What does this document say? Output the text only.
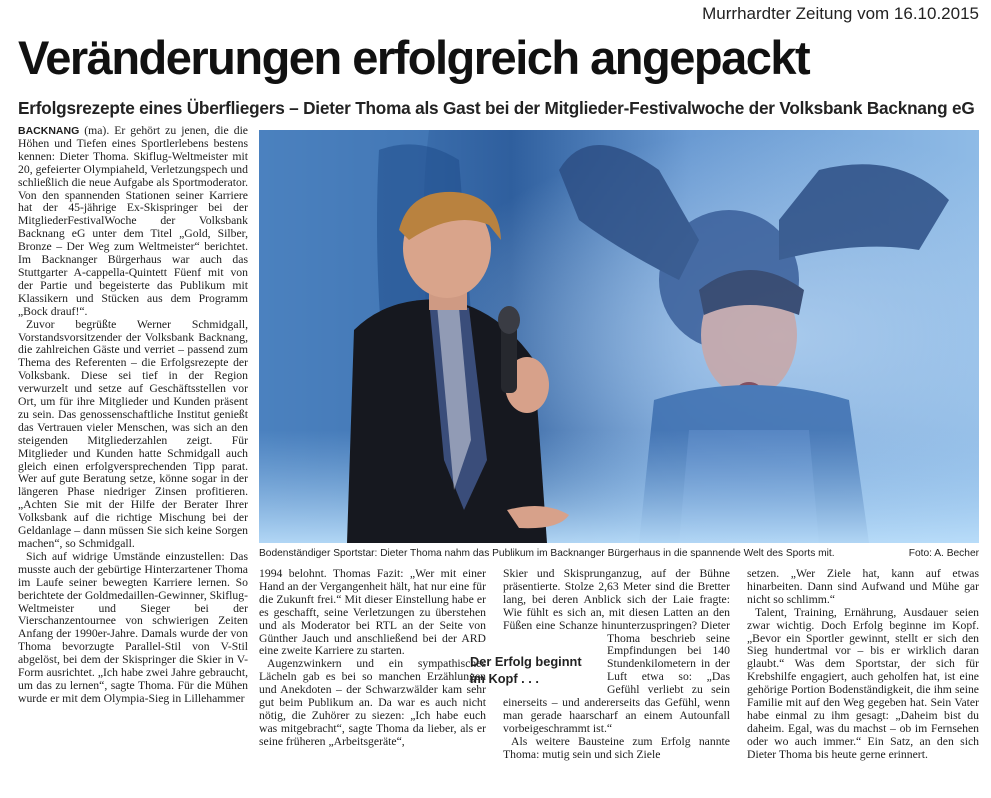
Murrhardter Zeitung vom 16.10.2015
Veränderungen erfolgreich angepackt
Erfolgsrezepte eines Überfliegers – Dieter Thoma als Gast bei der Mitglieder-Festivalwoche der Volksbank Backnang eG

BACKNANG (ma). Er gehört zu jenen, die die Höhen und Tiefen eines Sportlerlebens bestens kennen: Dieter Thoma. Skiflug-Weltmeister mit 20, gefeierter Olympiaheld, Verletzungspech und schließlich die neue Aufgabe als Sportmoderator. Von den spannenden Stationen seiner Karriere hat der 45-jährige Ex-Skispringer bei der MitgliederFestivalWoche der Volksbank Backnang eG unter dem Titel „Gold, Silber, Bronze – Der Weg zum Weltmeister“ berichtet. Im Backnanger Bürgerhaus war auch das Stuttgarter A-cappella-Quintett Füenf mit von der Partie und begeisterte das Publikum mit Klassikern und Stücken aus dem Programm „Bock drauf!“.

Zuvor begrüßte Werner Schmidgall, Vorstandsvorsitzender der Volksbank Backnang, die zahlreichen Gäste und verriet – passend zum Thema des Referenten – die Erfolgsrezepte der Volksbank. Diese sei tief in der Region verwurzelt und setze auf Geschäftsstellen vor Ort, um für ihre Mitglieder und Kunden präsent zu sein. Das genossenschaftliche Institut genießt das Vertrauen vieler Menschen, was sich an den steigenden Mitgliederzahlen zeigt. Für Mitglieder und Kunden hatte Schmidgall auch gleich einen erfolgversprechenden Tipp parat. Wer auf gute Beratung setze, könne sogar in der längeren Phase niedriger Zinsen profitieren. „Achten Sie mit der Hilfe der Berater Ihrer Volksbank auf die richtige Mischung bei der Geldanlage – dann müssen Sie sich keine Sorgen machen“, so Schmidgall.

Sich auf widrige Umstände einzustellen: Das musste auch der gebürtige Hinterzartener Thoma im Laufe seiner bewegten Karriere lernen. So berichtete der Goldmedaillen-Gewinner, Skiflug-Weltmeister und Sieger bei der Vierschanzentournee von schwierigen Zeiten Anfang der 1990er-Jahre. Damals wurde der von Thoma bevorzugte Parallel-Stil von V-Stil abgelöst, bei dem der Skispringer die Skier in V-Form ausrichtet. „Ich habe zwei Jahre gebraucht, um das zu lernen“, sagte Thoma. Für die Mühen wurde er mit dem Olympia-Sieg in Lillehammer

Bodenständiger Sportstar: Dieter Thoma nahm das Publikum im Backnanger Bürgerhaus in die spannende Welt des Sports mit.	Foto: A. Becher

1994 belohnt. Thomas Fazit: „Wer mit einer Hand an der Vergangenheit hält, hat nur eine für die Zukunft frei.“ Mit dieser Einstellung habe er es geschafft, seine Verletzungen zu überstehen und als Moderator bei RTL an der Seite von Günther Jauch und anschließend bei der ARD eine zweite Karriere zu starten.

Augenzwinkern und ein sympathisches Lächeln gab es bei so manchen Erzählungen und Anekdoten – der Schwarzwälder kam sehr gut beim Publikum an. Da war es auch nicht nötig, die Zuhörer zu siezen: „Ich habe euch was mitgebracht“, sagte Thoma da lieber, als er seine früheren „Arbeitsgeräte“,

Skier und Skisprunganzug, auf der Bühne präsentierte. Stolze 2,63 Meter sind die Bretter lang, bei deren Anblick sich der Laie fragte: Wie fühlt es sich an, mit diesen Latten an den Füßen eine Schanze hinunterzuspringen? Dieter Thoma beschrieb seine Empfindungen bei 140 Stundenkilometern in der Luft etwa so: „Das Gefühl verliebt zu sein einerseits – und andererseits das Gefühl, wenn man gerade haarscharf an einem Autounfall vorbeigeschrammt ist.“

Als weitere Bausteine zum Erfolg nannte Thoma: mutig sein und sich Ziele

Der Erfolg beginnt im Kopf . . .

setzen. „Wer Ziele hat, kann auf etwas hinarbeiten. Dann sind Aufwand und Mühe gar nicht so schlimm.“

Talent, Training, Ernährung, Ausdauer seien zwar wichtig. Doch Erfolg beginne im Kopf. „Bevor ein Sportler gewinnt, stellt er sich den Sieg hundertmal vor – bis er wirklich daran glaubt.“ Was dem Sportstar, der sich für Krebshilfe engagiert, auch geholfen hat, ist eine gehörige Portion Bodenständigkeit, die ihm seine Familie mit auf den Weg gegeben hat. Sein Vater habe einmal zu ihm gesagt: „Daheim bist du daheim. Egal, was du machst – ob im Fernsehen oder wo auch immer.“ Ein Satz, an den sich Dieter Thoma bis heute gerne erinnert.
